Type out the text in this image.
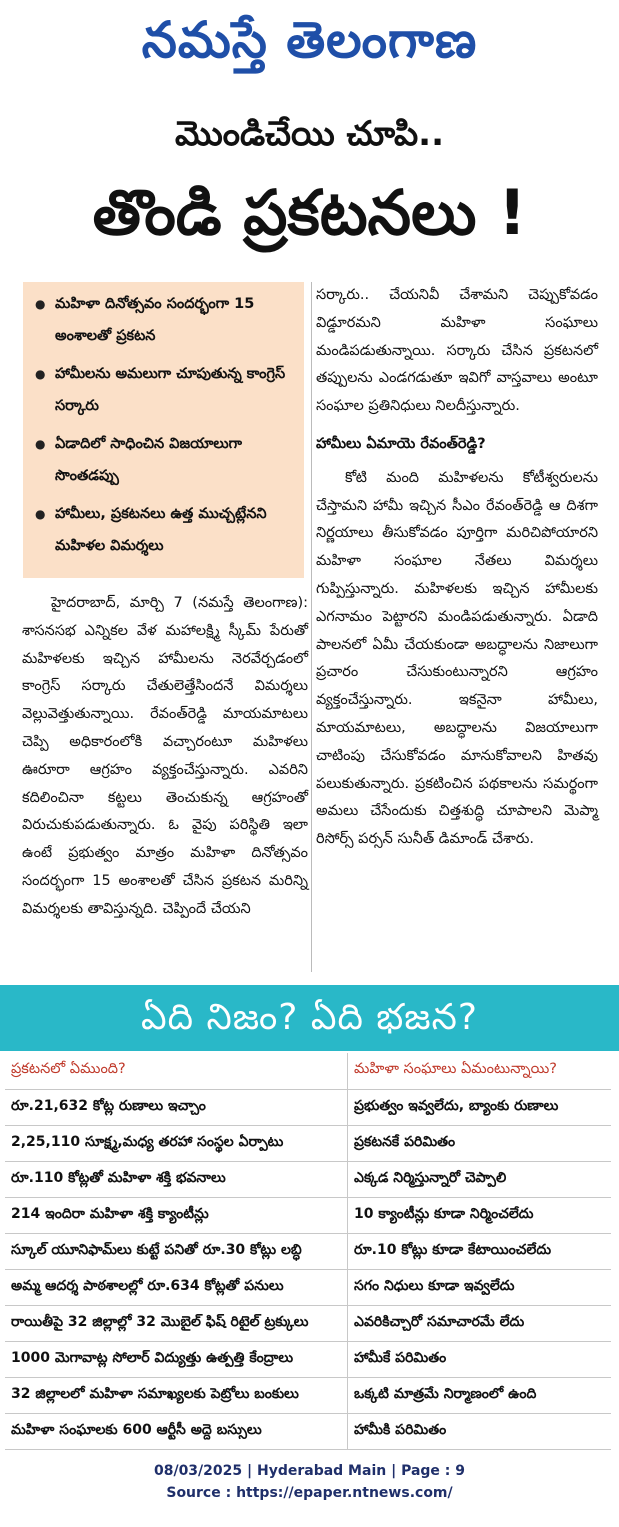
నమస్తే తెలంగాణ
మొండిచేయి చూపి..
తొండి ప్రకటనలు !
● మహిళా దినోత్సవం సందర్భంగా 15 అంశాలతో ప్రకటన
● హామీలను అమలుగా చూపుతున్న కాంగ్రెస్ సర్కారు
● ఏడాదిలో సాధించిన విజయాలుగా సొంతడప్పు
● హామీలు, ప్రకటనలు ఉత్త ముచ్చట్లేనని మహిళల విమర్శలు

హైదరాబాద్, మార్చి 7 (నమస్తే తెలంగాణ): శాసనసభ ఎన్నికల వేళ మహాలక్ష్మి స్కీమ్ పేరుతో మహిళలకు ఇచ్చిన హామీలను నెరవేర్చడంలో కాంగ్రెస్ సర్కారు చేతులెత్తేసిందనే విమర్శలు వెల్లువెత్తుతున్నాయి. రేవంత్‌రెడ్డి మాయమాటలు చెప్పి అధికారంలోకి వచ్చారంటూ మహిళలు ఊరూరా ఆగ్రహం వ్యక్తంచేస్తున్నారు. ఎవరిని కదిలించినా కట్టలు తెంచుకున్న ఆగ్రహంతో విరుచుకుపడుతున్నారు. ఓ వైపు పరిస్థితి ఇలా ఉంటే ప్రభుత్వం మాత్రం మహిళా దినోత్సవం సందర్భంగా 15 అంశాలతో చేసిన ప్రకటన మరిన్ని విమర్శలకు తావిస్తున్నది. చెప్పిందే చేయని

సర్కారు.. చేయనివీ చేశామని చెప్పుకోవడం విడ్డూరమని మహిళా సంఘాలు మండిపడుతున్నాయి. సర్కారు చేసిన ప్రకటనలో తప్పులను ఎండగడుతూ ఇవిగో వాస్తవాలు అంటూ సంఘాల ప్రతినిధులు నిలదీస్తున్నారు.

హామీలు ఏమాయె రేవంత్‌రెడ్డి?

కోటి మంది మహిళలను కోటీశ్వరులను చేస్తామని హామీ ఇచ్చిన సీఎం రేవంత్‌రెడ్డి ఆ దిశగా నిర్ణయాలు తీసుకోవడం పూర్తిగా మరిచిపోయారని మహిళా సంఘాల నేతలు విమర్శలు గుప్పిస్తున్నారు. మహిళలకు ఇచ్చిన హామీలకు ఎగనామం పెట్టారని మండిపడుతున్నారు. ఏడాది పాలనలో ఏమీ చేయకుండా అబద్ధాలను నిజాలుగా ప్రచారం చేసుకుంటున్నారని ఆగ్రహం వ్యక్తంచేస్తున్నారు. ఇకనైనా హామీలు, మాయమాటలు, అబద్ధాలను విజయాలుగా చాటింపు చేసుకోవడం మానుకోవాలని హితవు పలుకుతున్నారు. ప్రకటించిన పథకాలను సమర్థంగా అమలు చేసేందుకు చిత్తశుద్ధి చూపాలని మెప్మా రిసోర్స్ పర్సన్ సునీత్ డిమాండ్ చేశారు.

ఏది నిజం? ఏది భజన?
ప్రకటనలో ఏముంది?	మహిళా సంఘాలు ఏమంటున్నాయి?
రూ.21,632 కోట్ల రుణాలు ఇచ్చాం	ప్రభుత్వం ఇవ్వలేదు, బ్యాంకు రుణాలు
2,25,110 సూక్ష్మ,మధ్య తరహా సంస్థల ఏర్పాటు	ప్రకటనకే పరిమితం
రూ.110 కోట్లతో మహిళా శక్తి భవనాలు	ఎక్కడ నిర్మిస్తున్నారో చెప్పాలి
214 ఇందిరా మహిళా శక్తి క్యాంటీన్లు	10 క్యాంటీన్లు కూడా నిర్మించలేదు
స్కూల్ యూనిఫామ్‌లు కుట్టే పనితో రూ.30 కోట్లు లబ్ధి	రూ.10 కోట్లు కూడా కేటాయించలేదు
అమ్మ ఆదర్శ పాఠశాలల్లో రూ.634 కోట్లతో పనులు	సగం నిధులు కూడా ఇవ్వలేదు
రాయితీపై 32 జిల్లాల్లో 32 మొబైల్ ఫిష్ రిటైల్ ట్రక్కులు	ఎవరికిచ్చారో సమాచారమే లేదు
1000 మెగావాట్ల సోలార్ విద్యుత్తు ఉత్పత్తి కేంద్రాలు	హామీకే పరిమితం
32 జిల్లాలలో మహిళా సమాఖ్యలకు పెట్రోలు బంకులు	ఒక్కటి మాత్రమే నిర్మాణంలో ఉంది
మహిళా సంఘాలకు 600 ఆర్టీసీ అద్దె బస్సులు	హామీకి పరిమితం
08/03/2025 | Hyderabad Main | Page : 9
Source : https://epaper.ntnews.com/
